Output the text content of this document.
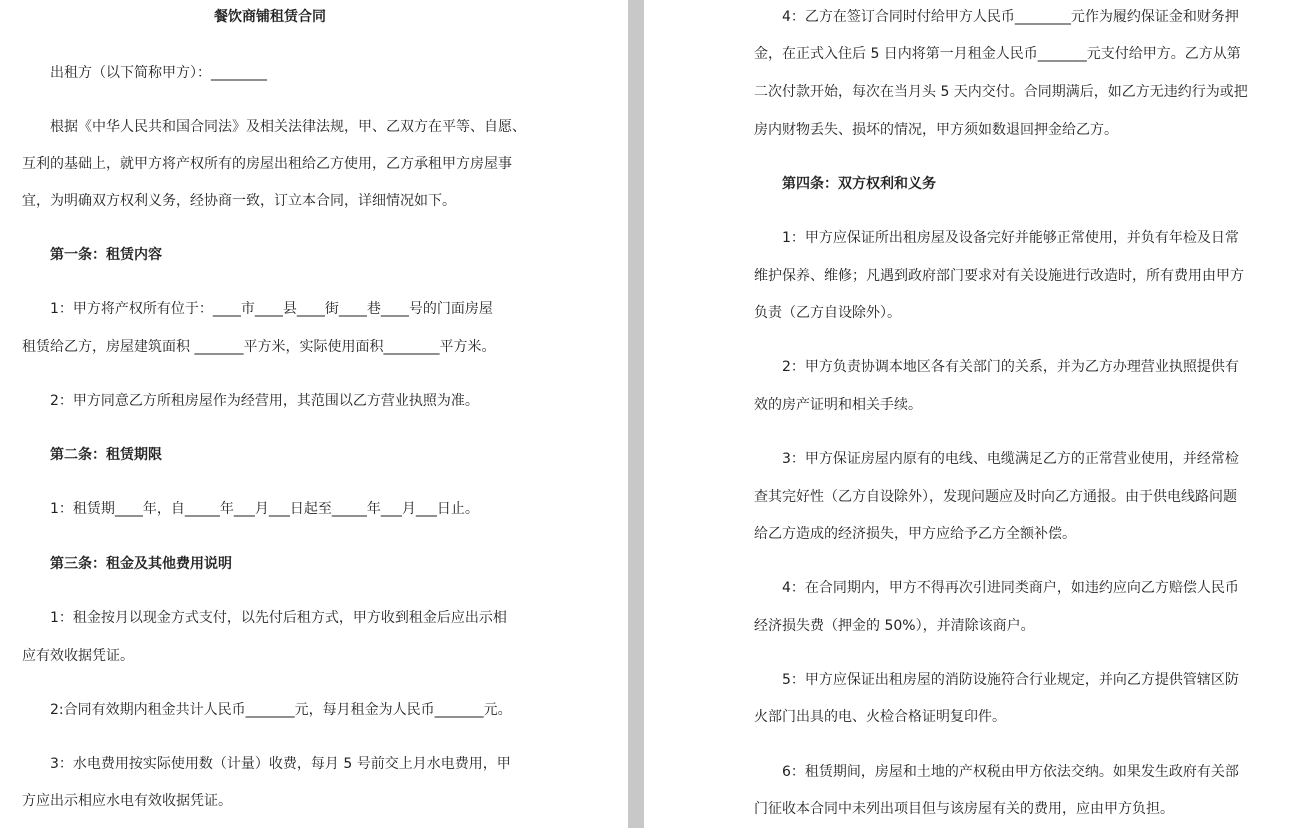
餐饮商铺租赁合同
出租方（以下简称甲方）：________
根据《中华人民共和国合同法》及相关法律法规，甲、乙双方在平等、自愿、
互利的基础上，就甲方将产权所有的房屋出租给乙方使用，乙方承租甲方房屋事
宜，为明确双方权利义务，经协商一致，订立本合同，详细情况如下。
第一条：租赁内容
1：甲方将产权所有位于：____市____县____街____巷____号的门面房屋
租赁给乙方，房屋建筑面积 _______平方米，实际使用面积________平方米。
2：甲方同意乙方所租房屋作为经营用，其范围以乙方营业执照为准。
第二条：租赁期限
1：租赁期____年，自_____年___月___日起至_____年___月___日止。
第三条：租金及其他费用说明
1：租金按月以现金方式支付，以先付后租方式，甲方收到租金后应出示相
应有效收据凭证。
2:合同有效期内租金共计人民币_______元，每月租金为人民币_______元。
3：水电费用按实际使用数（计量）收费，每月 5 号前交上月水电费用，甲
方应出示相应水电有效收据凭证。
4：乙方在签订合同时付给甲方人民币________元作为履约保证金和财务押
金，在正式入住后 5 日内将第一月租金人民币_______元支付给甲方。乙方从第
二次付款开始，每次在当月头 5 天内交付。合同期满后，如乙方无违约行为或把
房内财物丢失、损坏的情况，甲方须如数退回押金给乙方。
第四条：双方权利和义务
1：甲方应保证所出租房屋及设备完好并能够正常使用，并负有年检及日常
维护保养、维修；凡遇到政府部门要求对有关设施进行改造时，所有费用由甲方
负责（乙方自设除外）。
2：甲方负责协调本地区各有关部门的关系，并为乙方办理营业执照提供有
效的房产证明和相关手续。
3：甲方保证房屋内原有的电线、电缆满足乙方的正常营业使用，并经常检
查其完好性（乙方自设除外），发现问题应及时向乙方通报。由于供电线路问题
给乙方造成的经济损失，甲方应给予乙方全额补偿。
4：在合同期内，甲方不得再次引进同类商户，如违约应向乙方赔偿人民币
经济损失费（押金的 50%），并清除该商户。
5：甲方应保证出租房屋的消防设施符合行业规定，并向乙方提供管辖区防
火部门出具的电、火检合格证明复印件。
6：租赁期间，房屋和土地的产权税由甲方依法交纳。如果发生政府有关部
门征收本合同中未列出项目但与该房屋有关的费用，应由甲方负担。
